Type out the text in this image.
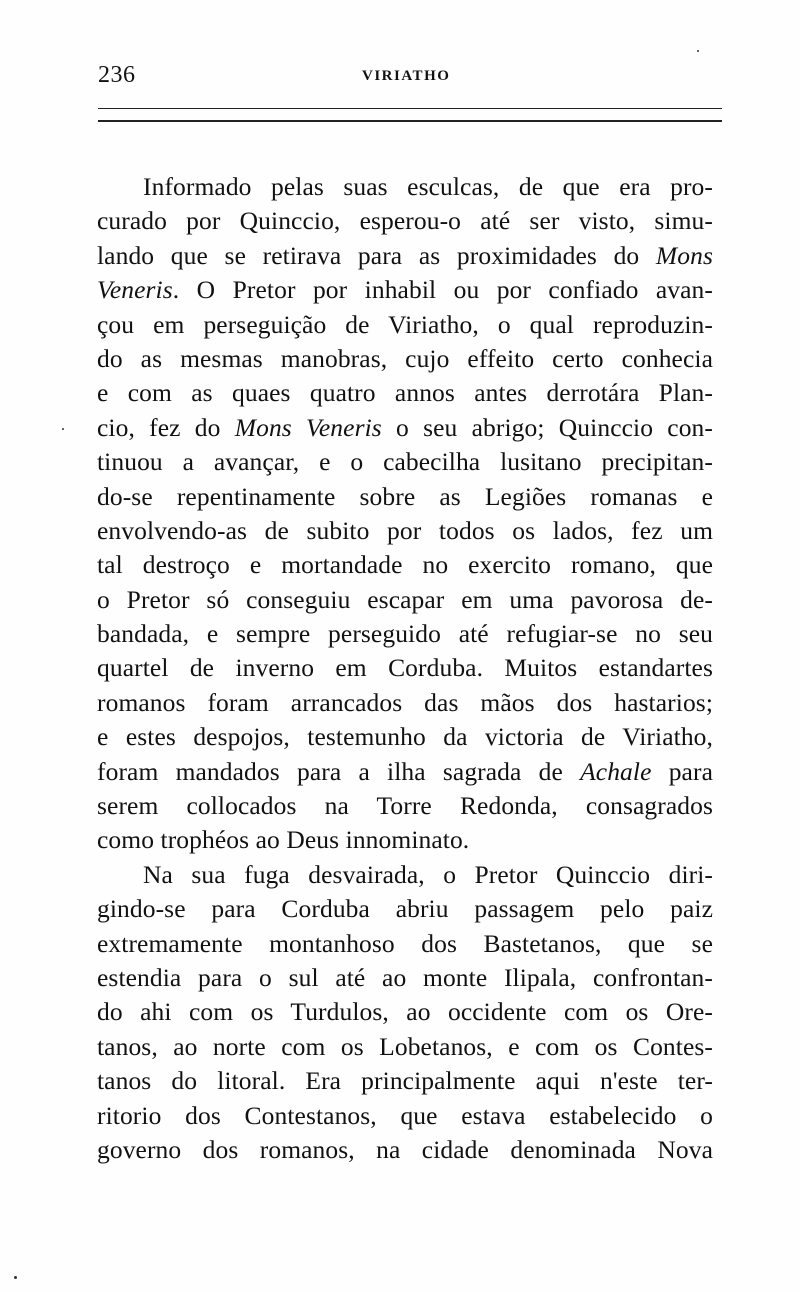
236	VIRIATHO
Informado pelas suas esculcas, de que era pro-
curado por Quinccio, esperou-o até ser visto, simu-
lando que se retirava para as proximidades do Mons
Veneris. O Pretor por inhabil ou por confiado avan-
çou em perseguição de Viriatho, o qual reproduzin-
do as mesmas manobras, cujo effeito certo conhecia
e com as quaes quatro annos antes derrotára Plan-
cio, fez do Mons Veneris o seu abrigo; Quinccio con-
tinuou a avançar, e o cabecilha lusitano precipitan-
do-se repentinamente sobre as Legiões romanas e
envolvendo-as de subito por todos os lados, fez um
tal destroço e mortandade no exercito romano, que
o Pretor só conseguiu escapar em uma pavorosa de-
bandada, e sempre perseguido até refugiar-se no seu
quartel de inverno em Corduba. Muitos estandartes
romanos foram arrancados das mãos dos hastarios;
e estes despojos, testemunho da victoria de Viriatho,
foram mandados para a ilha sagrada de Achale para
serem collocados na Torre Redonda, consagrados
como trophéos ao Deus innominato.
Na sua fuga desvairada, o Pretor Quinccio diri-
gindo-se para Corduba abriu passagem pelo paiz
extremamente montanhoso dos Bastetanos, que se
estendia para o sul até ao monte Ilipala, confrontan-
do ahi com os Turdulos, ao occidente com os Ore-
tanos, ao norte com os Lobetanos, e com os Contes-
tanos do litoral. Era principalmente aqui n'este ter-
ritorio dos Contestanos, que estava estabelecido o
governo dos romanos, na cidade denominada Nova
